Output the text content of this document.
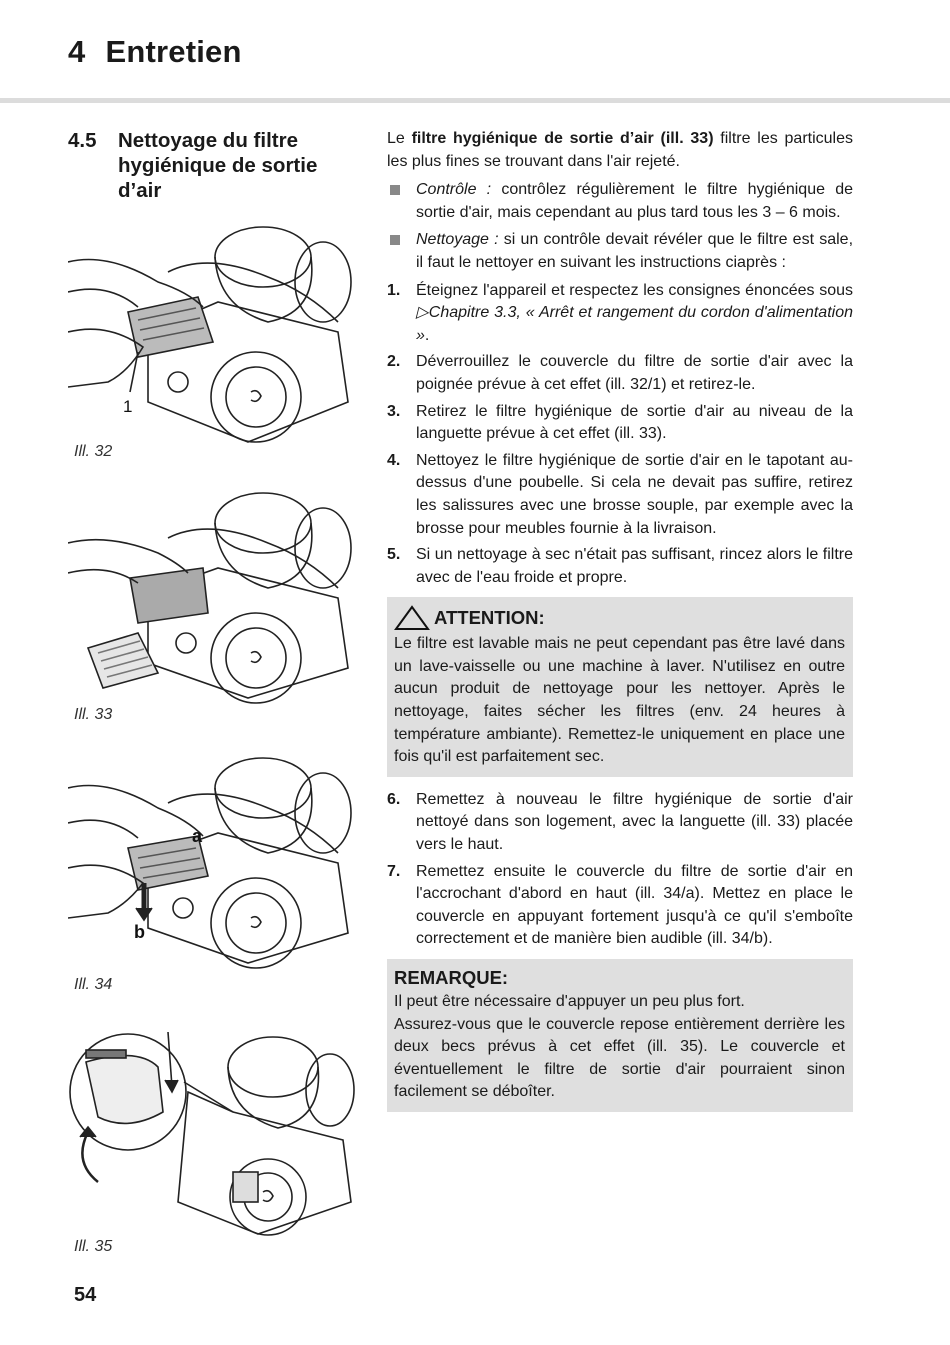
4 Entretien
4.5 Nettoyage du filtre hygiénique de sortie d’air
1
Ill. 32
Ill. 33
a
b
Ill. 34
Ill. 35
54

Le filtre hygiénique de sortie d’air (ill. 33) filtre les particules les plus fines se trouvant dans l'air rejeté.

Contrôle : contrôlez régulièrement le filtre hygiénique de sortie d'air, mais cependant au plus tard tous les 3 – 6 mois.
Nettoyage : si un contrôle devait révéler que le filtre est sale, il faut le nettoyer en suivant les instructions ciaprès :
1. Éteignez l'appareil et respectez les consignes énoncées sous ▷Chapitre 3.3, « Arrêt et rangement du cordon d'alimentation ».
2. Déverrouillez le couvercle du filtre de sortie d'air avec la poignée prévue à cet effet (ill. 32/1) et retirez-le.
3. Retirez le filtre hygiénique de sortie d'air au niveau de la languette prévue à cet effet (ill. 33).
4. Nettoyez le filtre hygiénique de sortie d'air en le tapotant au-dessus d'une poubelle. Si cela ne devait pas suffire, retirez les salissures avec une brosse souple, par exemple avec la brosse pour meubles fournie à la livraison.
5. Si un nettoyage à sec n'était pas suffisant, rincez alors le filtre avec de l'eau froide et propre.
ATTENTION:

Le filtre est lavable mais ne peut cependant pas être lavé dans un lave-vaisselle ou une machine à laver. N'utilisez en outre aucun produit de nettoyage pour les nettoyer. Après le nettoyage, faites sécher les filtres (env. 24 heures à température ambiante). Remettez-le uniquement en place une fois qu'il est parfaitement sec.

6. Remettez à nouveau le filtre hygiénique de sortie d'air nettoyé dans son logement, avec la languette (ill. 33) placée vers le haut.
7. Remettez ensuite le couvercle du filtre de sortie d'air en l'accrochant d'abord en haut (ill. 34/a). Mettez en place le couvercle en appuyant fortement jusqu'à ce qu'il s'emboîte correctement et de manière bien audible (ill. 34/b).
REMARQUE:

Il peut être nécessaire d'appuyer un peu plus fort.

Assurez-vous que le couvercle repose entièrement derrière les deux becs prévus à cet effet (ill. 35). Le couvercle et éventuellement le filtre de sortie d'air pourraient sinon facilement se déboîter.
